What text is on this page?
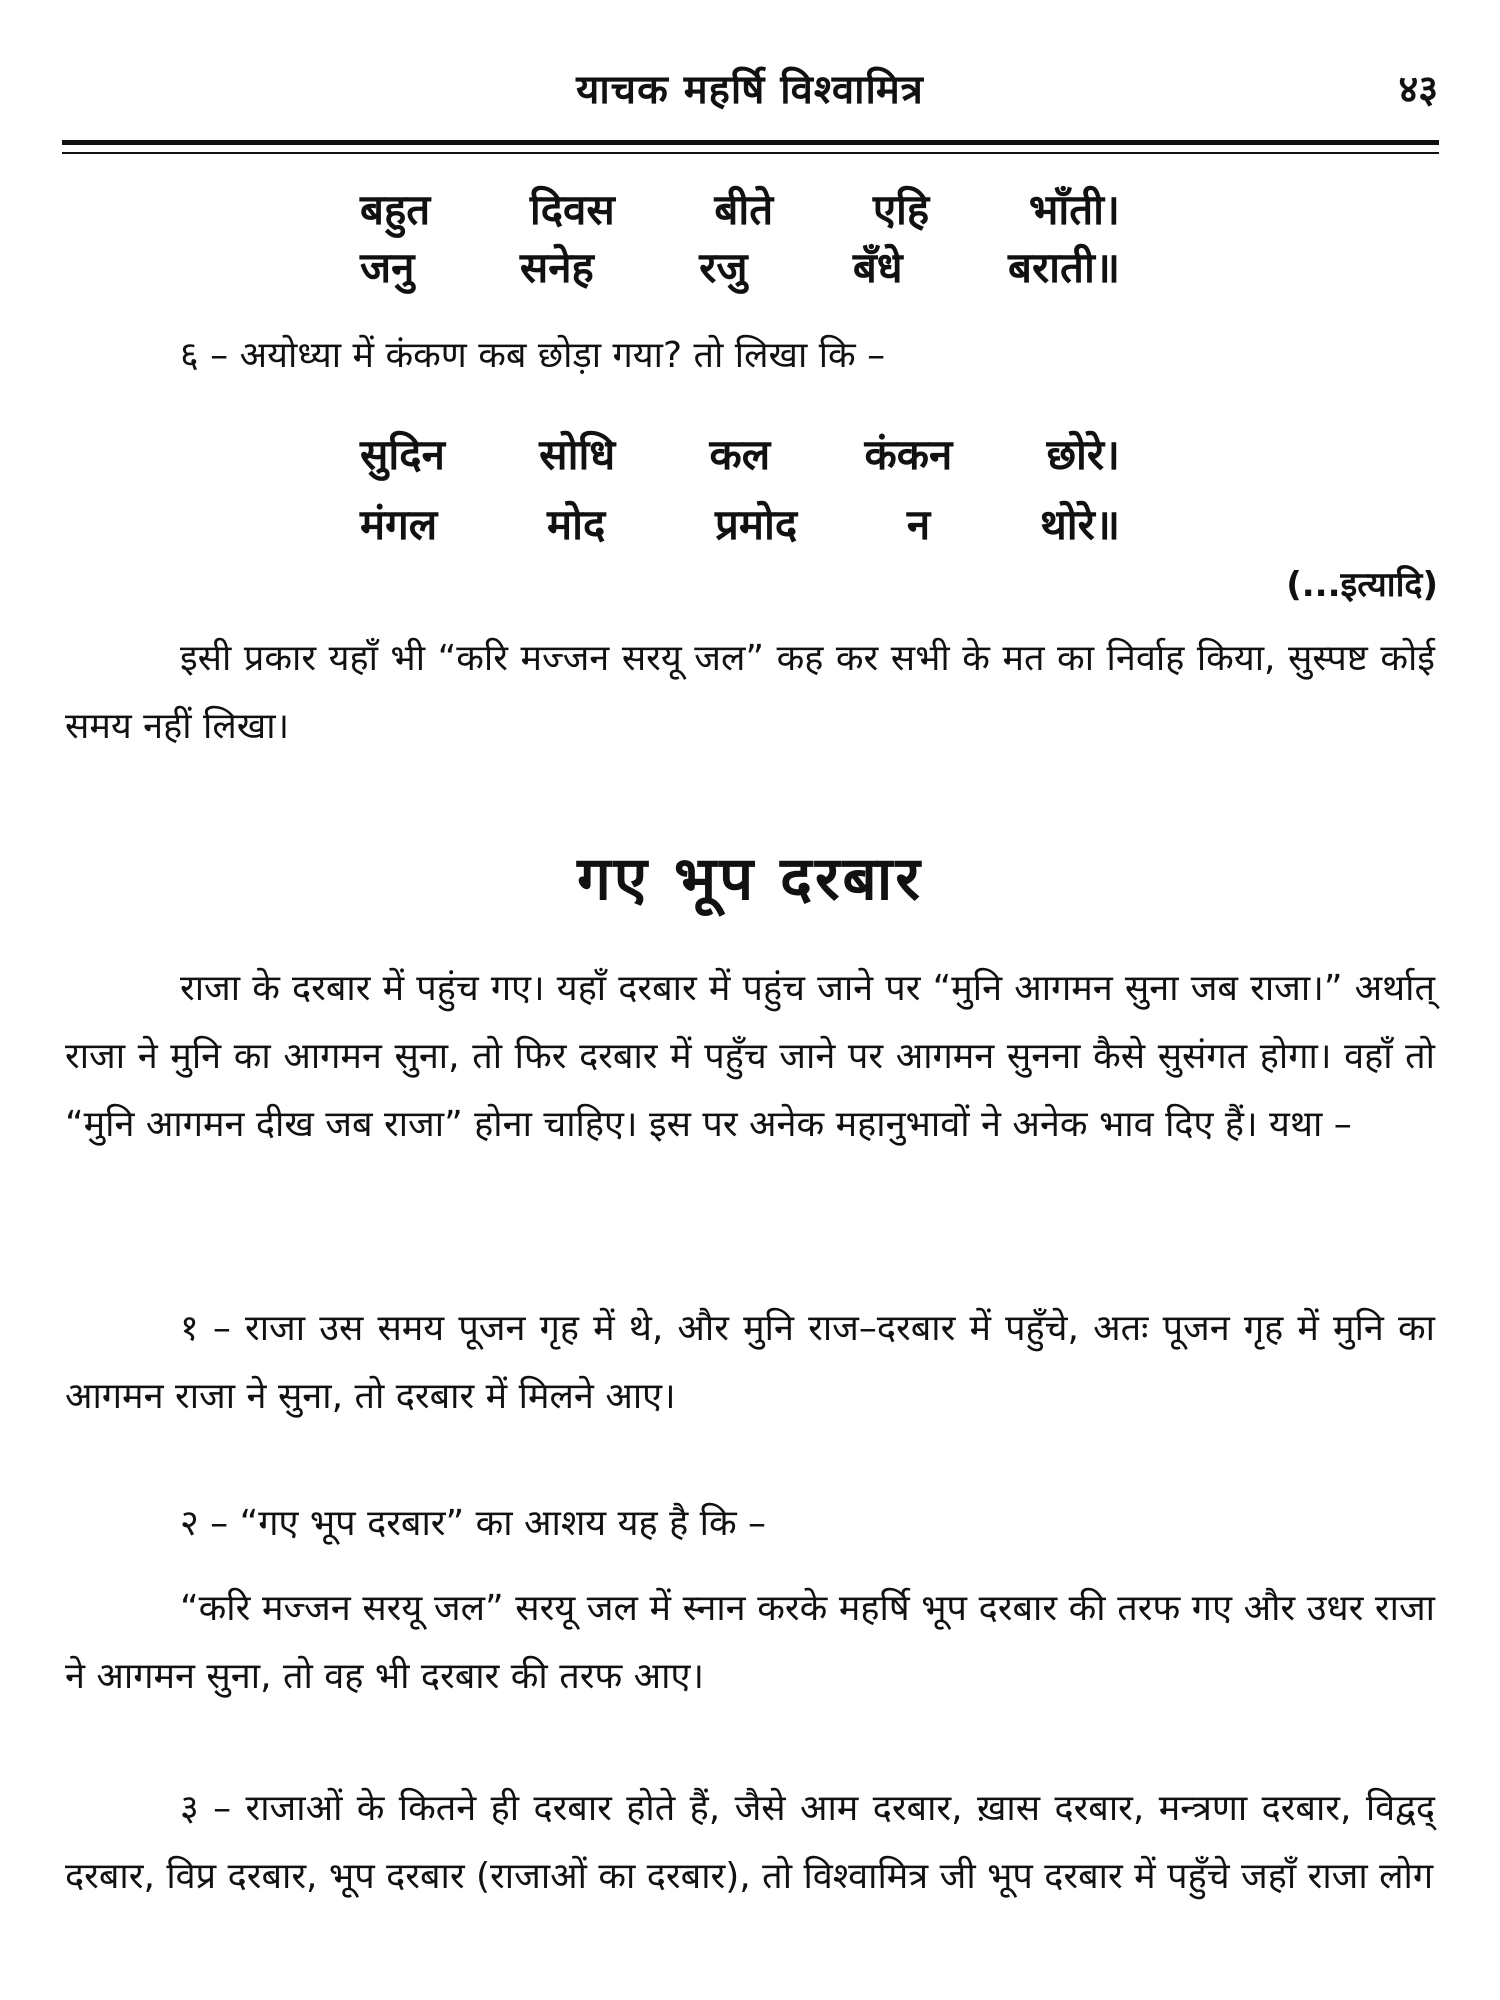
याचक महर्षि विश्वामित्र	४३
बहुत दिवस बीते एहि भाँती।
जनु	सनेह	रजु	बँधे	बराती॥
६ – अयोध्या में कंकण कब छोड़ा गया? तो लिखा कि –
सुदिन सोधि कल कंकन छोरे।
मंगल	मोद	प्रमोद	न	थोरे॥
(...इत्यादि)
इसी प्रकार यहाँ भी “करि मज्जन सरयू जल” कह कर सभी के मत का निर्वाह किया, सुस्पष्ट कोई समय नहीं लिखा।
गए भूप दरबार
राजा के दरबार में पहुंच गए। यहाँ दरबार में पहुंच जाने पर “मुनि आगमन सुना जब राजा।” अर्थात् राजा ने मुनि का आगमन सुना, तो फिर दरबार में पहुँच जाने पर आगमन सुनना कैसे सुसंगत होगा। वहाँ तो “मुनि आगमन दीख जब राजा” होना चाहिए। इस पर अनेक महानुभावों ने अनेक भाव दिए हैं। यथा –
१ – राजा उस समय पूजन गृह में थे, और मुनि राज–दरबार में पहुँचे, अतः पूजन गृह में मुनि का आगमन राजा ने सुना, तो दरबार में मिलने आए।
२ – “गए भूप दरबार” का आशय यह है कि –
“करि मज्जन सरयू जल” सरयू जल में स्नान करके महर्षि भूप दरबार की तरफ गए और उधर राजा ने आगमन सुना, तो वह भी दरबार की तरफ आए।
३ – राजाओं के कितने ही दरबार होते हैं, जैसे आम दरबार, ख़ास दरबार, मन्त्रणा दरबार, विद्वद् दरबार, विप्र दरबार, भूप दरबार (राजाओं का दरबार), तो विश्वामित्र जी भूप दरबार में पहुँचे जहाँ राजा लोग
